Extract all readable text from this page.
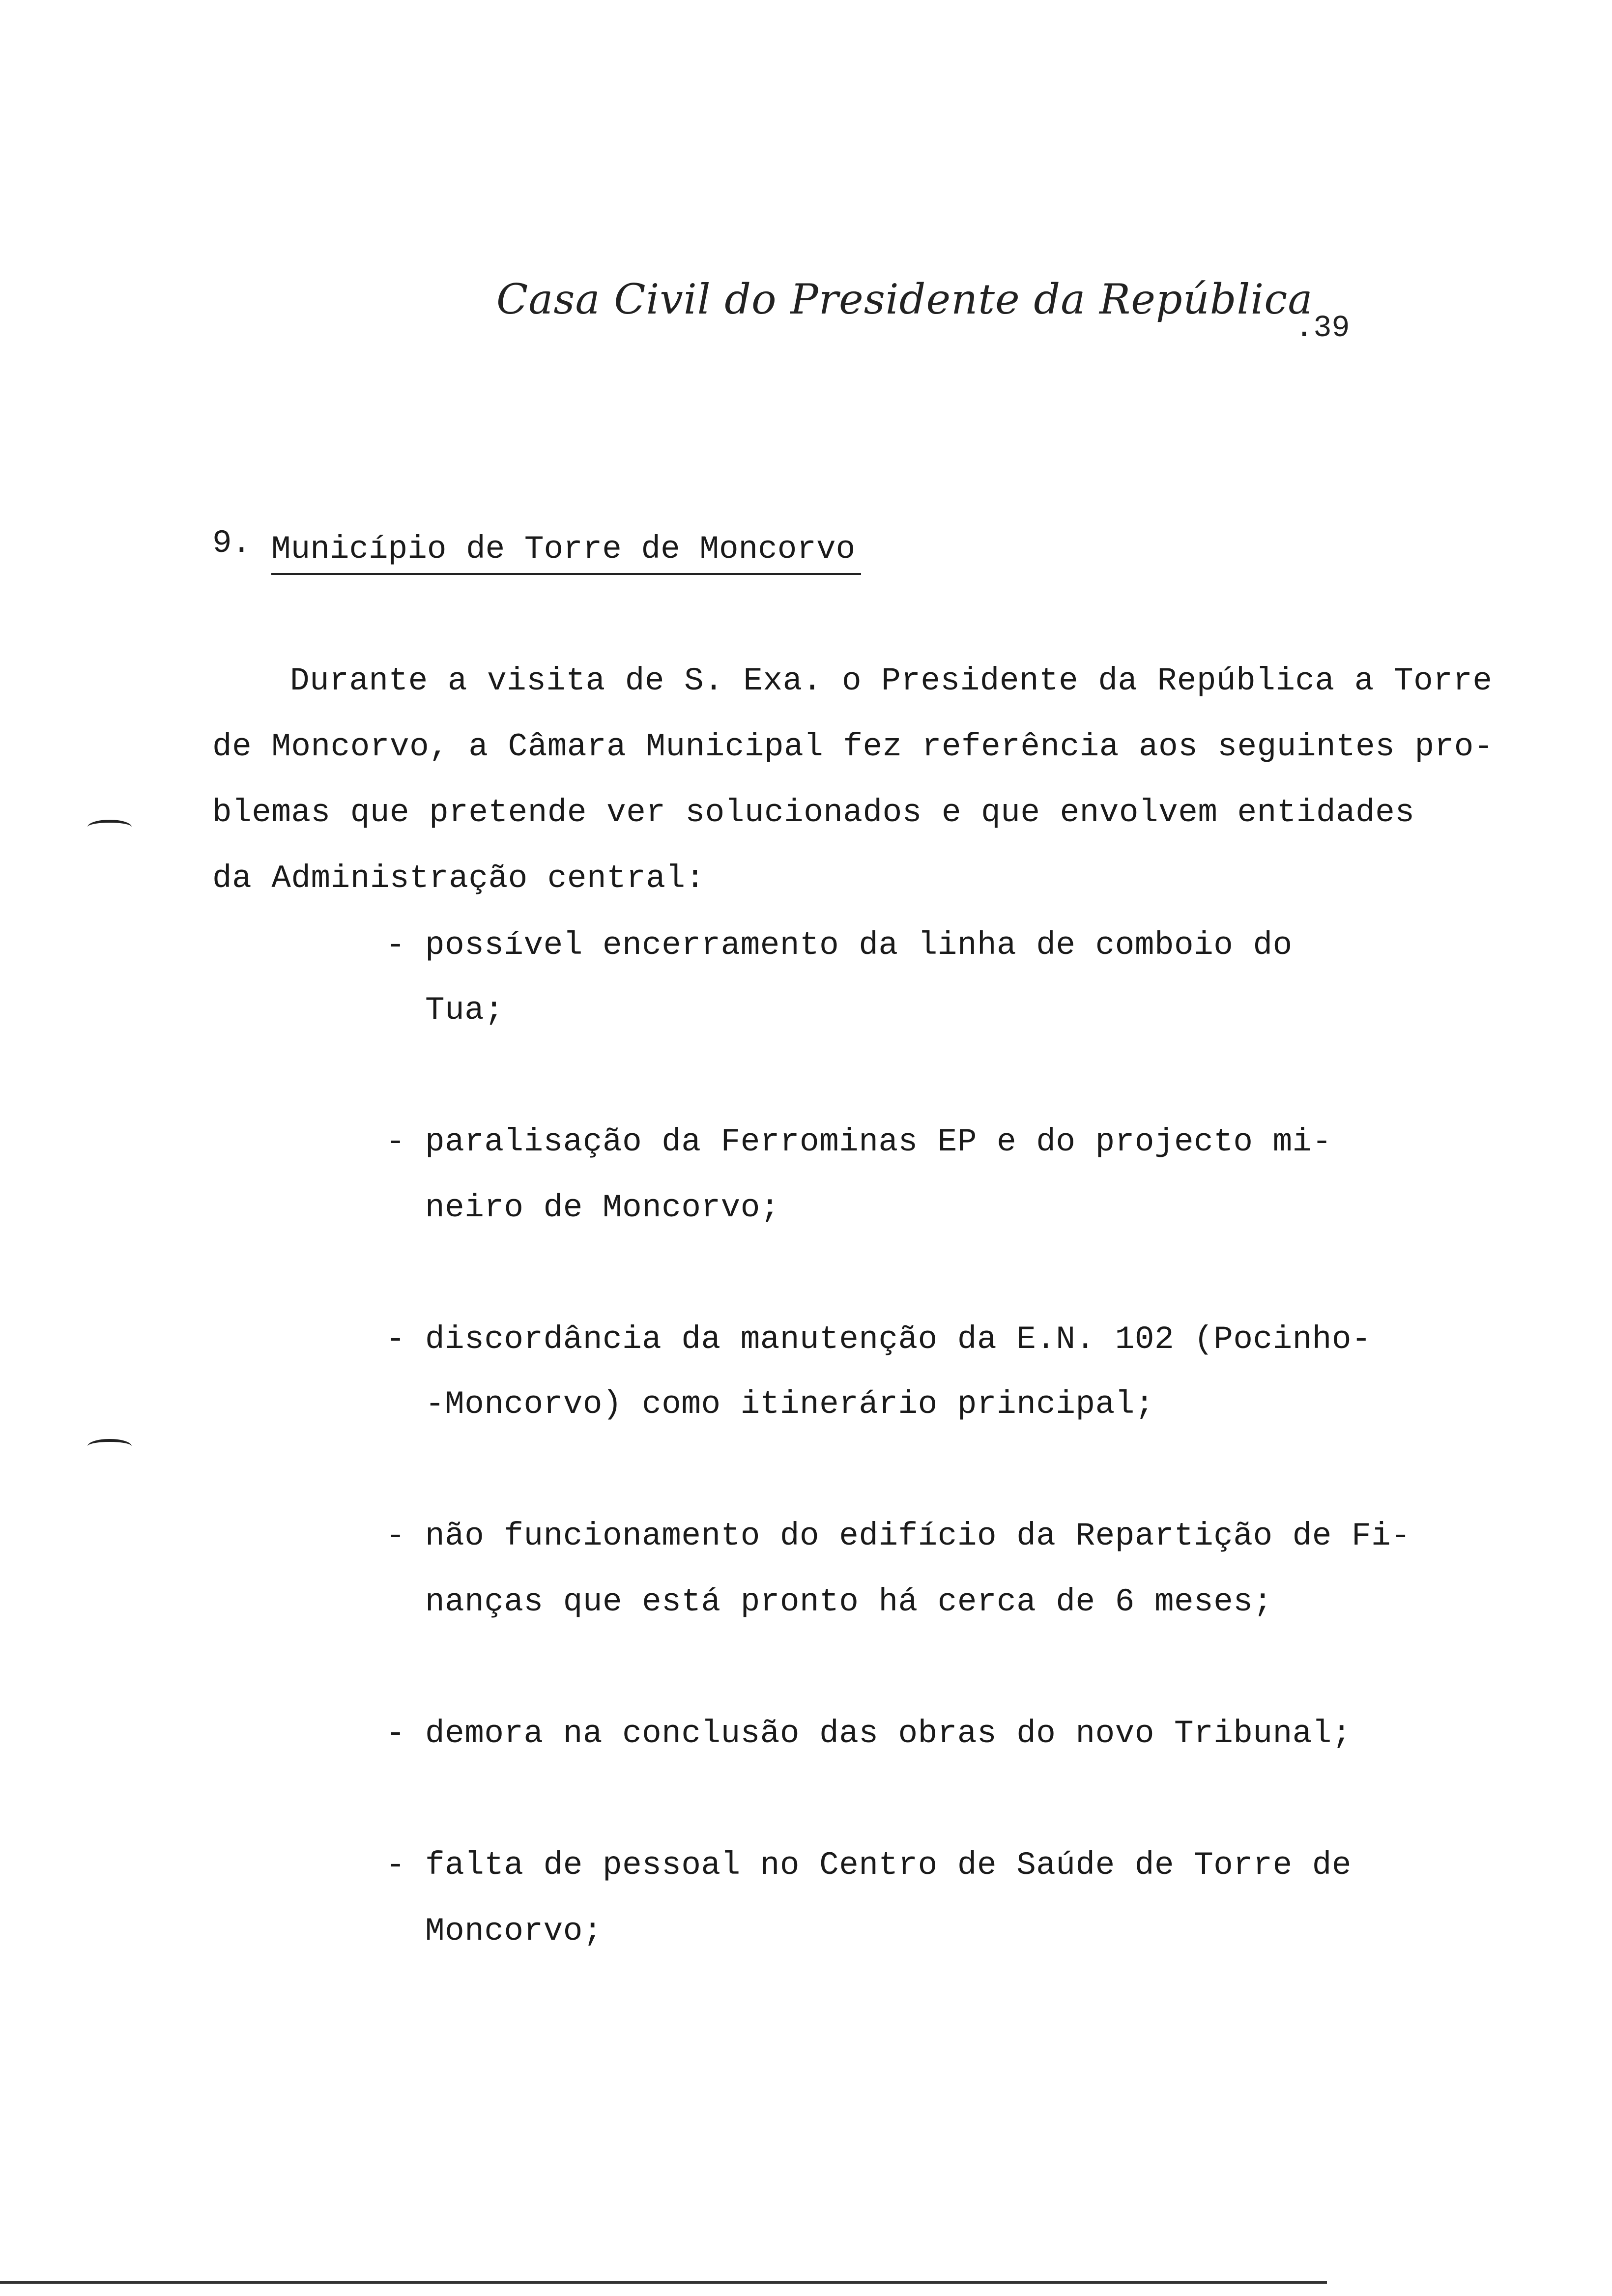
Casa Civil do Presidente da República
.39
9. Município de Torre de Moncorvo
Durante a visita de S. Exa. o Presidente da República a Torre
de Moncorvo, a Câmara Municipal fez referência aos seguintes pro-
blemas que pretende ver solucionados e que envolvem entidades
da Administração central:
- possível encerramento da linha de comboio do
Tua;
- paralisação da Ferrominas EP e do projecto mi-
neiro de Moncorvo;
- discordância da manutenção da E.N. 102 (Pocinho-
-Moncorvo) como itinerário principal;
- não funcionamento do edifício da Repartição de Fi-
nanças que está pronto há cerca de 6 meses;
- demora na conclusão das obras do novo Tribunal;
- falta de pessoal no Centro de Saúde de Torre de
Moncorvo;
